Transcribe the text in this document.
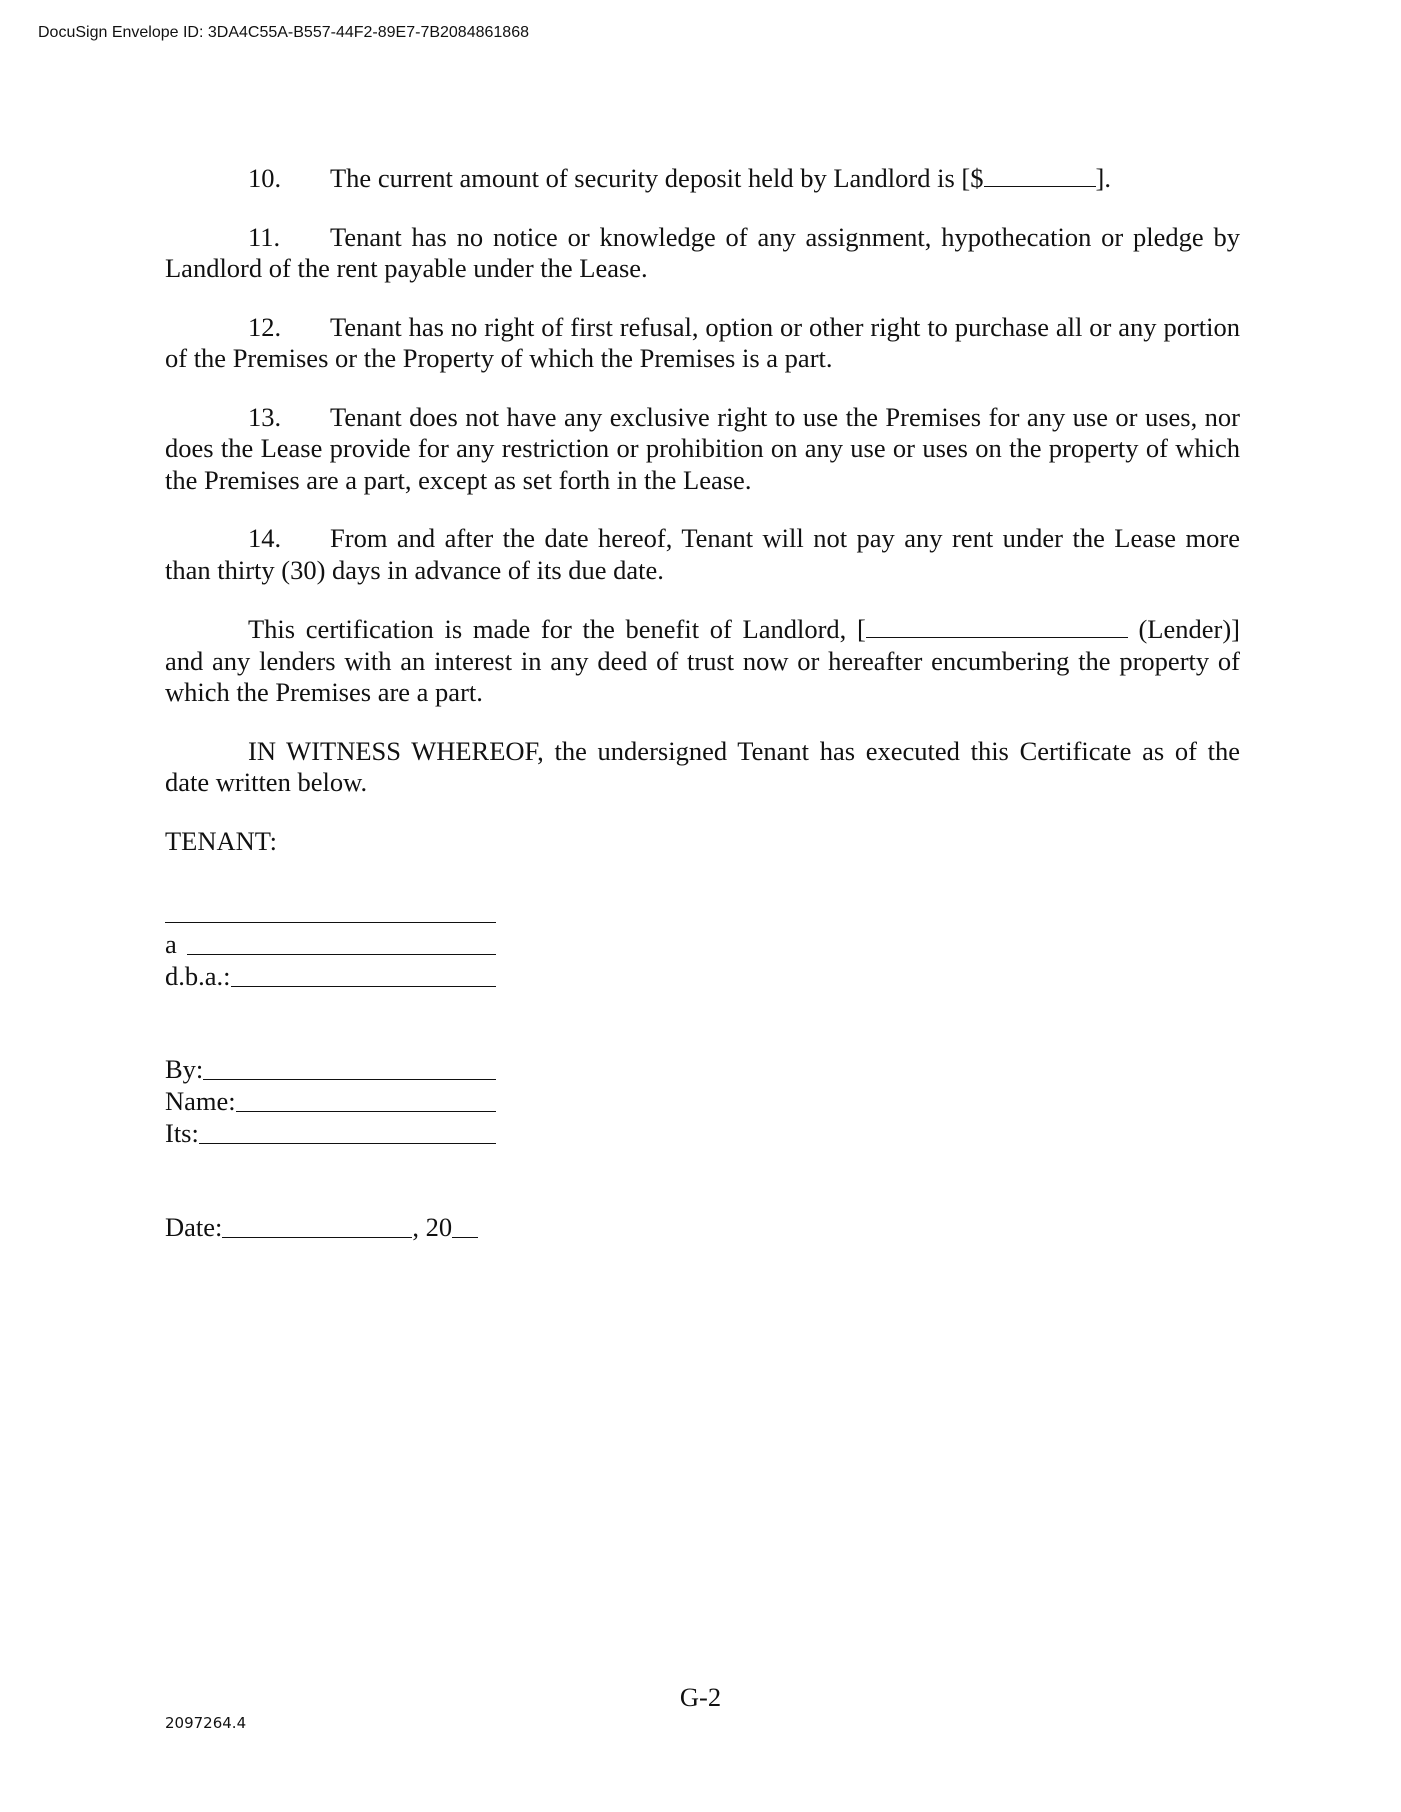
DocuSign Envelope ID: 3DA4C55A-B557-44F2-89E7-7B2084861868

10. The current amount of security deposit held by Landlord is [$	].

11. Tenant has no notice or knowledge of any assignment, hypothecation or pledge by Landlord of the rent payable under the Lease.

12. Tenant has no right of first refusal, option or other right to purchase all or any portion of the Premises or the Property of which the Premises is a part.

13. Tenant does not have any exclusive right to use the Premises for any use or uses, nor does the Lease provide for any restriction or prohibition on any use or uses on the property of which the Premises are a part, except as set forth in the Lease.

14. From and after the date hereof, Tenant will not pay any rent under the Lease more than thirty (30) days in advance of its due date.

This certification is made for the benefit of Landlord, [	(Lender)] and any lenders with an interest in any deed of trust now or hereafter encumbering the property of which the Premises are a part.

IN WITNESS WHEREOF, the undersigned Tenant has executed this Certificate as of the date written below.

TENANT:

a
d.b.a.:
By:
Name:
Its:
Date:	, 20
G-2
2097264.4
